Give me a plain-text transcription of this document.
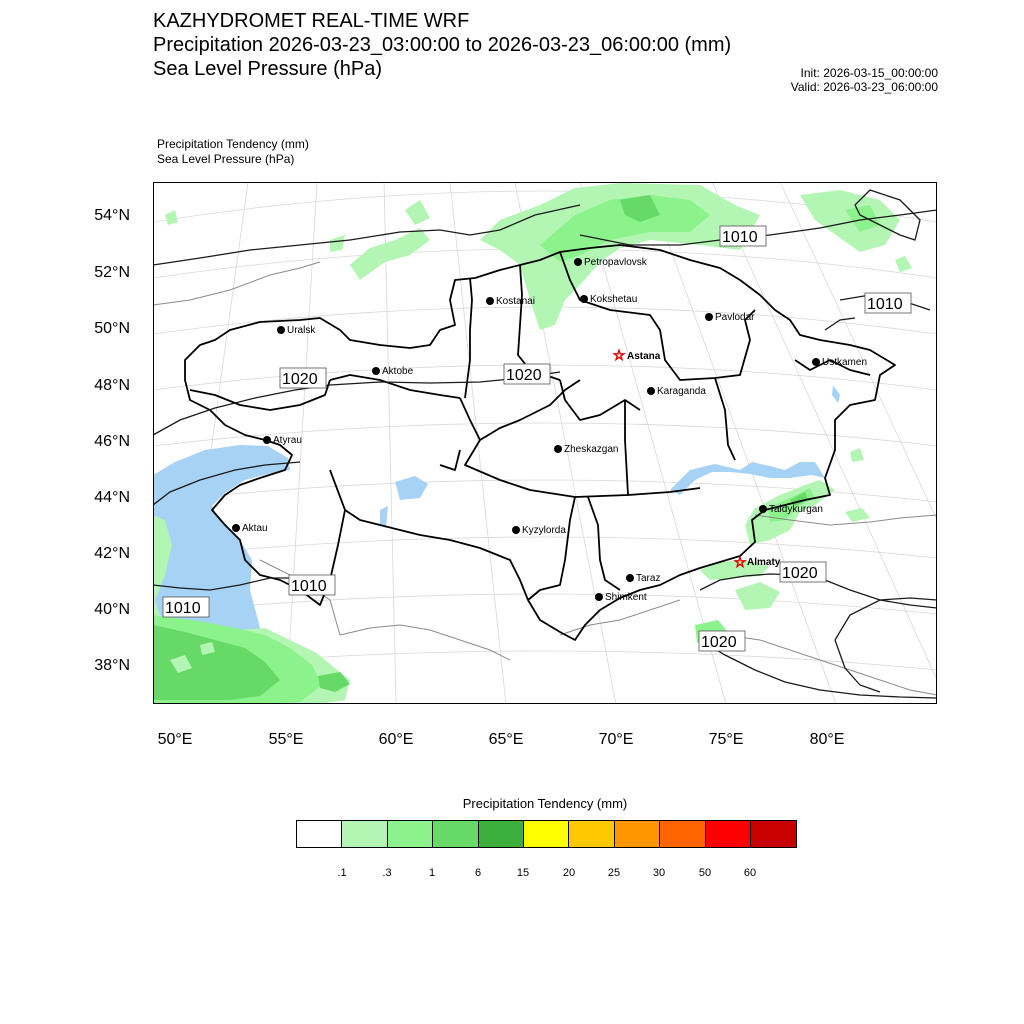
KAZHYDROMET REAL-TIME WRF
Precipitation 2026-03-23_03:00:00 to 2026-03-23_06:00:00 (mm)
Sea Level Pressure (hPa)	Init: 2026-03-15_00:00:00
Valid: 2026-03-23_06:00:00
Precipitation Tendency (mm)
Sea Level Pressure (hPa)
54°N
52°N
50°N
48°N
46°N
44°N
42°N
40°N
38°N
50°E	55°E	60°E	65°E	70°E	75°E	80°E
1010
1010
1020	1020
1010
1010
1020
1020
Petropavlovsk
Kostanai	Kokshetau
Pavlodar
Uralsk
☆ Astana
Ustkamen
Aktobe
Karaganda
Atyrau
Zheskazgan
Aktau	Kyzylorda
Taldykurgan
☆ Almaty
Taraz
Shimkent
Precipitation Tendency (mm)
.1	.3	1	6	15	20	25	30	50	60
